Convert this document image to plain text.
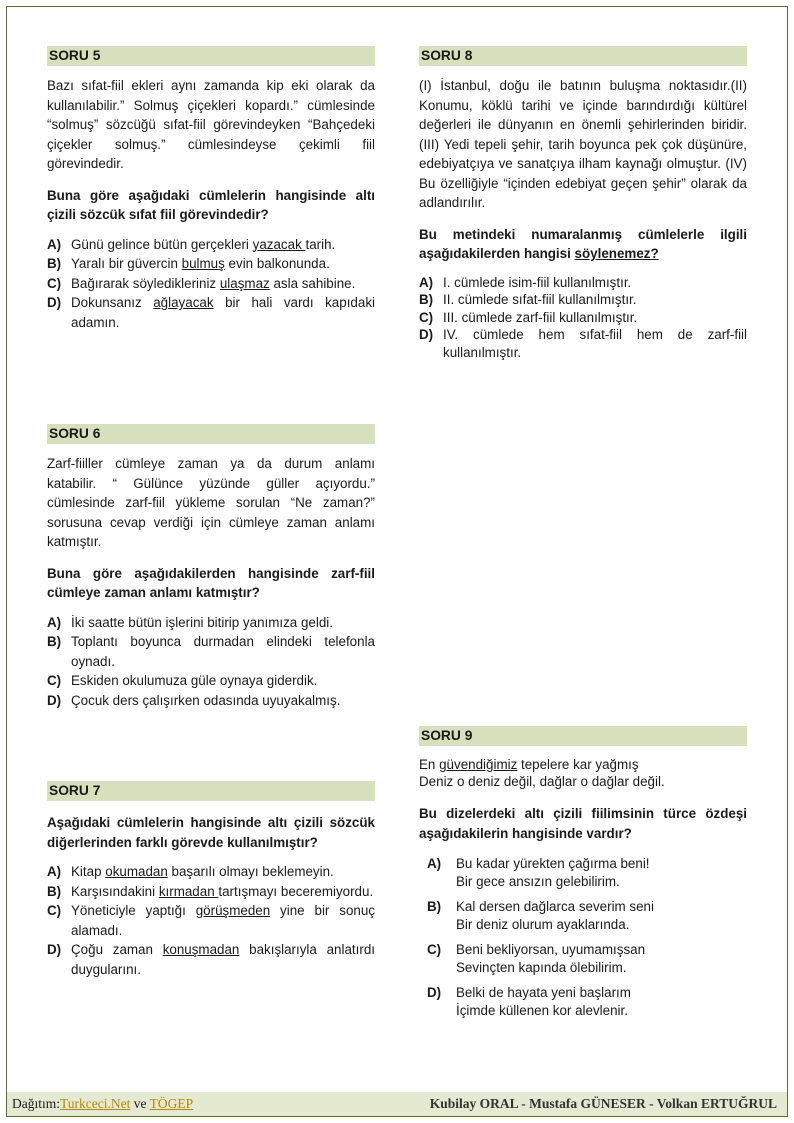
SORU 5
Bazı sıfat-fiil ekleri aynı zamanda kip eki olarak da kullanılabilir.” Solmuş çiçekleri kopardı.” cümlesinde “solmuş” sözcüğü sıfat-fiil görevindeyken “Bahçedeki çiçekler solmuş.” cümlesindeyse çekimli fiil görevindedir.
Buna göre aşağıdaki cümlelerin hangisinde altı çizili sözcük sıfat fiil görevindedir?
A) Günü gelince bütün gerçekleri yazacak tarih.
B) Yaralı bir güvercin bulmuş evin balkonunda.
C) Bağırarak söyledikleriniz ulaşmaz asla sahibine.
D) Dokunsanız ağlayacak bir hali vardı kapıdaki adamın.
SORU 6
Zarf-fiiller cümleye zaman ya da durum anlamı katabilir. “ Gülünce yüzünde güller açıyordu.” cümlesinde zarf-fiil yükleme sorulan “Ne zaman?” sorusuna cevap verdiği için cümleye zaman anlamı katmıştır.
Buna göre aşağıdakilerden hangisinde zarf-fiil cümleye zaman anlamı katmıştır?
A) İki saatte bütün işlerini bitirip yanımıza geldi.
B) Toplantı boyunca durmadan elindeki telefonla oynadı.
C) Eskiden okulumuza güle oynaya giderdik.
D) Çocuk ders çalışırken odasında uyuyakalmış.
SORU 7
Aşağıdaki cümlelerin hangisinde altı çizili sözcük diğerlerinden farklı görevde kullanılmıştır?
A) Kitap okumadan başarılı olmayı beklemeyin.
B) Karşısındakini kırmadan tartışmayı beceremiyordu.
C) Yöneticiyle yaptığı görüşmeden yine bir sonuç alamadı.
D) Çoğu zaman konuşmadan bakışlarıyla anlatırdı duygularını.
SORU 8
(I) İstanbul, doğu ile batının buluşma noktasıdır.(II) Konumu, köklü tarihi ve içinde barındırdığı kültürel değerleri ile dünyanın en önemli şehirlerinden biridir. (III) Yedi tepeli şehir, tarih boyunca pek çok düşünüre, edebiyatçıya ve sanatçıya ilham kaynağı olmuştur. (IV) Bu özelliğiyle “içinden edebiyat geçen şehir” olarak da adlandırılır.
Bu metindeki numaralanmış cümlelerle ilgili aşağıdakilerden hangisi söylenemez?
A) I. cümlede isim-fiil kullanılmıştır.
B) II. cümlede sıfat-fiil kullanılmıştır.
C) III. cümlede zarf-fiil kullanılmıştır.
D) IV. cümlede hem sıfat-fiil hem de zarf-fiil kullanılmıştır.
SORU 9
En güvendiğimiz tepelere kar yağmış
Deniz o deniz değil, dağlar o dağlar değil.
Bu dizelerdeki altı çizili fiilimsinin türce özdeşi aşağıdakilerin hangisinde vardır?
A)	Bu kadar yürekten çağırma beni!
Bir gece ansızın gelebilirim.
B)	Kal dersen dağlarca severim seni
Bir deniz olurum ayaklarında.
C)	Beni bekliyorsan, uyumamışsan
Sevinçten kapında ölebilirim.
D)	Belki de hayata yeni başlarım
İçimde küllenen kor alevlenir.
Dağıtım:Turkceci.Net ve TÖGEP	Kubilay ORAL - Mustafa GÜNESER - Volkan ERTUĞRUL
